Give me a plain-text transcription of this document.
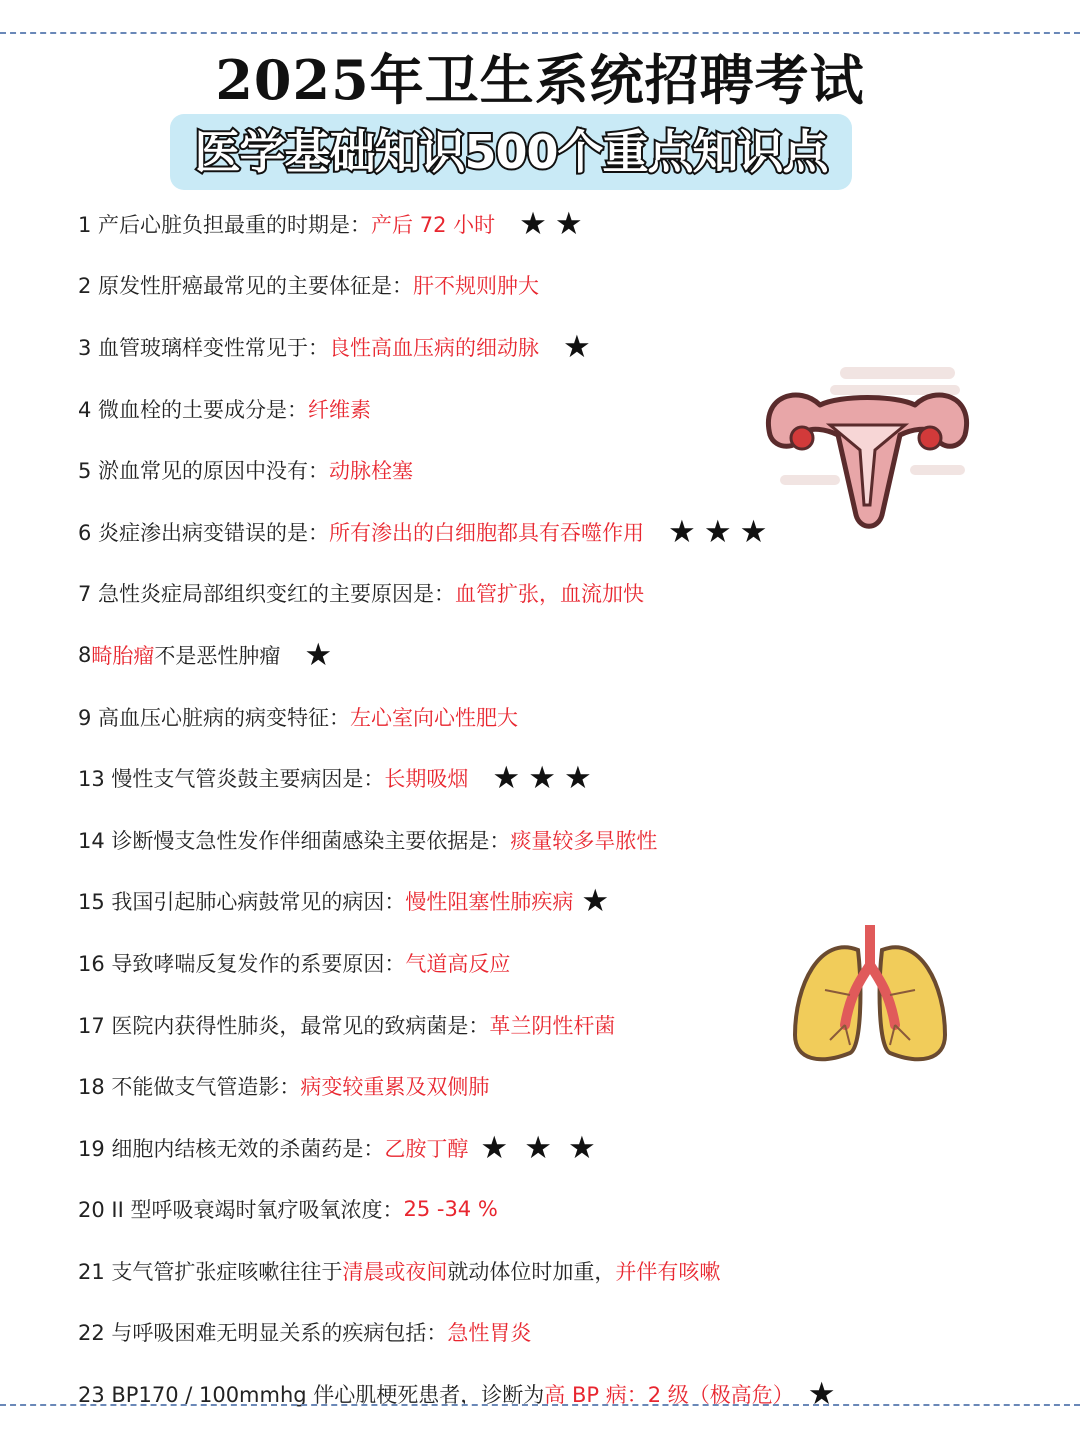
2025年卫生系统招聘考试
医学基础知识500个重点知识点
1 产后心脏负担最重的时期是： 产后 72 小时 ★★
2 原发性肝癌最常见的主要体征是： 肝不规则肿大
3 血管玻璃样变性常见于： 良性高血压病的细动脉 ★
4 微血栓的土要成分是： 纤维素
5 淤血常见的原因中没有： 动脉栓塞
6 炎症渗出病变错误的是： 所有渗出的白细胞都具有吞噬作用 ★★★
7 急性炎症局部组织变红的主要原因是： 血管扩张，血流加快
8 畸胎瘤 不是恶性肿瘤 ★
9 高血压心脏病的病变特征： 左心室向心性肥大
13 慢性支气管炎鼓主要病因是： 长期吸烟 ★★★
14 诊断慢支急性发作伴细菌感染主要依据是： 痰量较多旱脓性
15 我国引起肺心病鼓常见的病因： 慢性阻塞性肺疾病 ★
16 导致哮喘反复发作的系要原因： 气道高反应
17 医院内获得性肺炎，最常见的致病菌是： 革兰阴性杆菌
18 不能做支气管造影： 病变较重累及双侧肺
19 细胞内结核无效的杀菌药是： 乙胺丁醇 ★★★
20 II 型呼吸衰竭时氧疗吸氧浓度： 25 -34 %
21 支气管扩张症咳嗽往往于 清晨或夜间 就动体位时加重， 并伴有咳嗽
22 与呼吸困难无明显关系的疾病包括： 急性胃炎
23 BP170 / 100mmhg 伴心肌梗死患者，诊断为 高 BP 病：2 级（极高危） ★
